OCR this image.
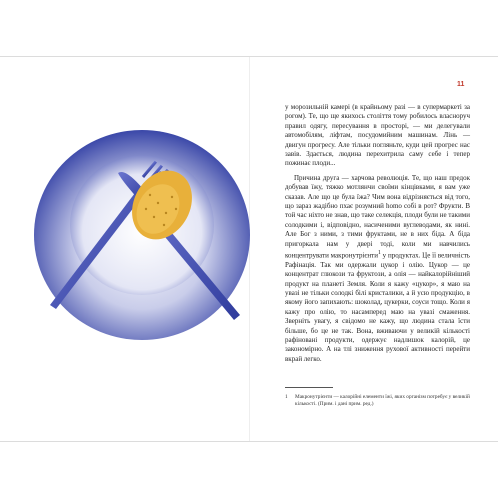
11

у морозильній камері (в крайньому разі — в супермаркеті за рогом). Те, що ще якихось століття тому робилось власноруч правил одягу, пересування в просторі, — ми делегували автомобілям, ліфтам, посудомийним машинам. Лінь — двигун прогресу. Але тільки погляньте, куди цей прогрес нас завів. Здається, людина перехитрила саму себе і тепер пожинає плоди...

Причина друга — харчова революція. Те, що наш предок добував їжу, тяжко мотлянчи своїми кінцівками, я вам уже сказав. Але що це була їжа? Чим вона відрізняється від того, що зараз жадібно пхає розумний homo собі в рот? Фрукти. В той час ніхто не знав, що таке селекція, плоди були не такими солодкими і, відповідно, насиченими вуглеводами, як нині. Але Бог з ними, з тими фруктами, не в них біда. А біда пригоркала нам у двері тоді, коли ми навчились концентрувати макронутрієнти$^1$ у продуктах. Це її величність Рафінація. Так ми одержали цукор і олію. Цукор — це концентрат глюкози та фруктози, а олія — найкалорійніший продукт на планеті Земля. Коли я кажу «цукор», я маю на увазі не тільки солодкі білі кристалики, а й усю продукцію, в якому його запихають: шоколад, цукерки, соуси тощо. Коли я кажу про олію, то насамперед маю на увазі смаження. Зверніть увагу, я свідомо не кажу, що людина стала їсти більше, бо це не так. Вона, вживаючи у великій кількості рафіновані продукти, одержує надлишок калорій, це закономірно. А на тлі зниження рухової активності перейти вкрай легко.

1	Макронутрієнти — калорійні елементи їжі, яких організм потребує у великій кількості. (Прим. і дані прим. ред.)
